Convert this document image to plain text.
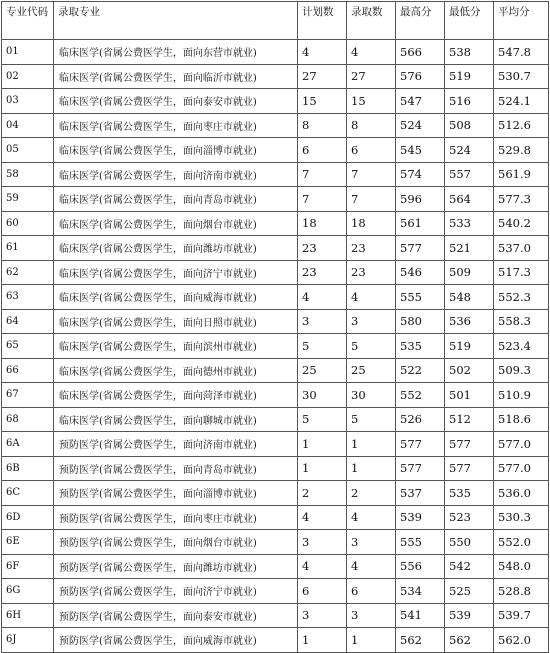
专业代码	录取专业	计划数	录取数	最高分	最低分	平均分
01	临床医学(省属公费医学生，面向东营市就业)	4	4	566	538	547.8
02	临床医学(省属公费医学生，面向临沂市就业)	27	27	576	519	530.7
03	临床医学(省属公费医学生，面向泰安市就业)	15	15	547	516	524.1
04	临床医学(省属公费医学生，面向枣庄市就业)	8	8	524	508	512.6
05	临床医学(省属公费医学生，面向淄博市就业)	6	6	545	524	529.8
58	临床医学(省属公费医学生，面向济南市就业)	7	7	574	557	561.9
59	临床医学(省属公费医学生，面向青岛市就业)	7	7	596	564	577.3
60	临床医学(省属公费医学生，面向烟台市就业)	18	18	561	533	540.2
61	临床医学(省属公费医学生，面向潍坊市就业)	23	23	577	521	537.0
62	临床医学(省属公费医学生，面向济宁市就业)	23	23	546	509	517.3
63	临床医学(省属公费医学生，面向威海市就业)	4	4	555	548	552.3
64	临床医学(省属公费医学生，面向日照市就业)	3	3	580	536	558.3
65	临床医学(省属公费医学生，面向滨州市就业)	5	5	535	519	523.4
66	临床医学(省属公费医学生，面向德州市就业)	25	25	522	502	509.3
67	临床医学(省属公费医学生，面向菏泽市就业)	30	30	552	501	510.9
68	临床医学(省属公费医学生，面向聊城市就业)	5	5	526	512	518.6
6A	预防医学(省属公费医学生，面向济南市就业)	1	1	577	577	577.0
6B	预防医学(省属公费医学生，面向青岛市就业)	1	1	577	577	577.0
6C	预防医学(省属公费医学生，面向淄博市就业)	2	2	537	535	536.0
6D	预防医学(省属公费医学生，面向枣庄市就业)	4	4	539	523	530.3
6E	预防医学(省属公费医学生，面向烟台市就业)	3	3	555	550	552.0
6F	预防医学(省属公费医学生，面向潍坊市就业)	4	4	556	542	548.0
6G	预防医学(省属公费医学生，面向济宁市就业)	6	6	534	525	528.8
6H	预防医学(省属公费医学生，面向泰安市就业)	3	3	541	539	539.7
6J	预防医学(省属公费医学生，面向威海市就业)	1	1	562	562	562.0
